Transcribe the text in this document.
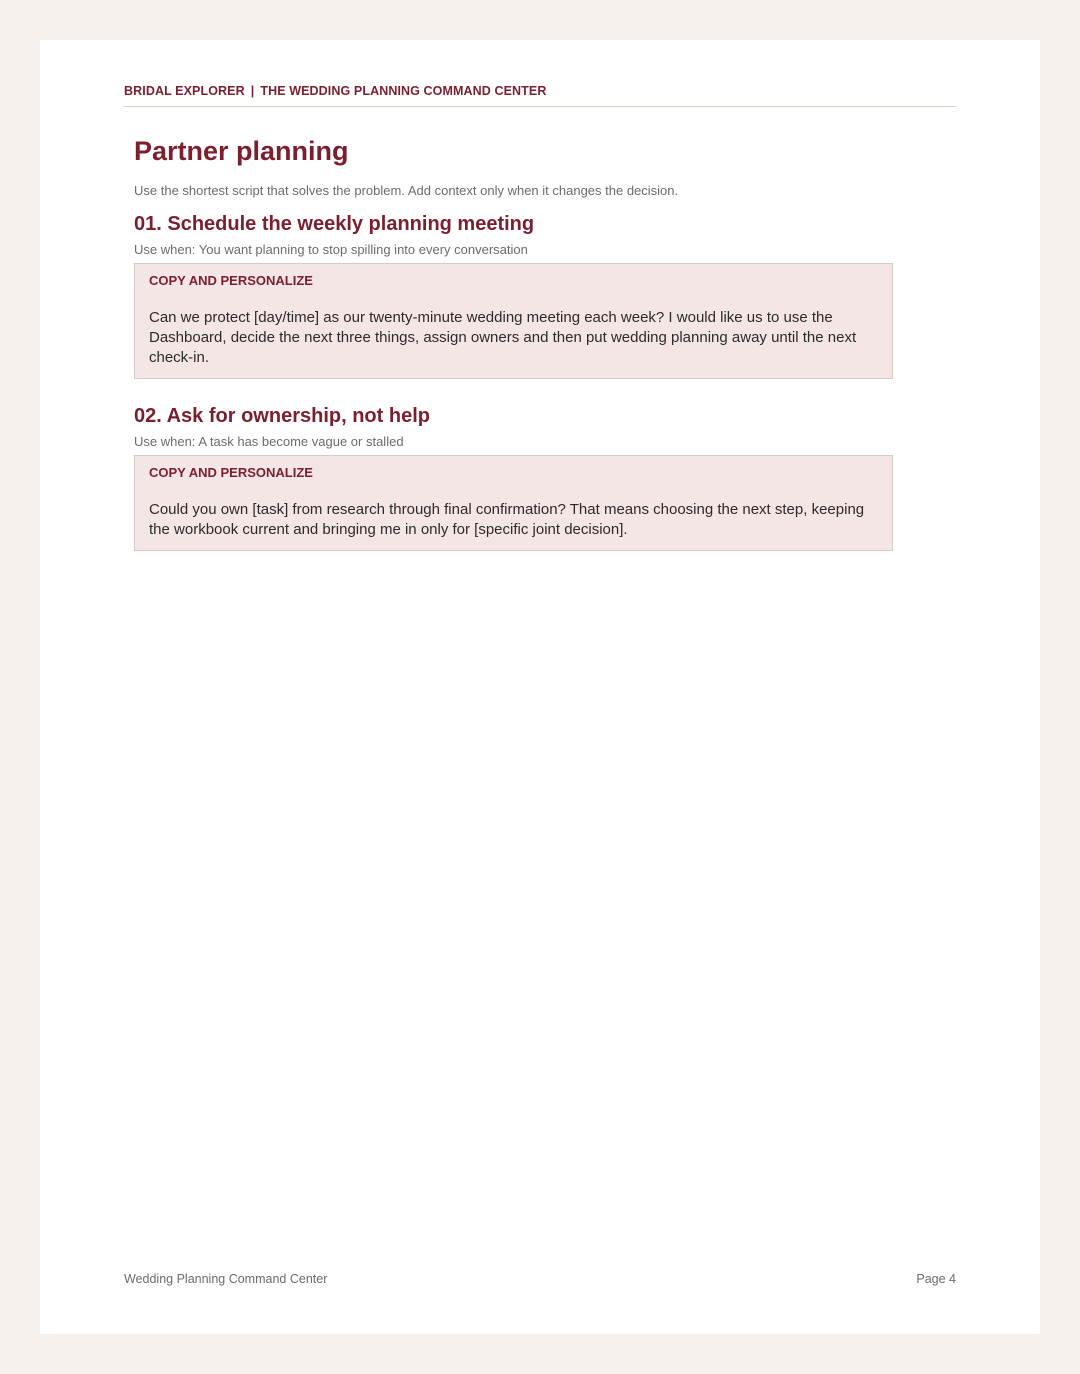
BRIDAL EXPLORER | THE WEDDING PLANNING COMMAND CENTER
Partner planning
Use the shortest script that solves the problem. Add context only when it changes the decision.
01. Schedule the weekly planning meeting
Use when: You want planning to stop spilling into every conversation
COPY AND PERSONALIZE
Can we protect [day/time] as our twenty-minute wedding meeting each week? I would like us to use the Dashboard, decide the next three things, assign owners and then put wedding planning away until the next check-in.
02. Ask for ownership, not help
Use when: A task has become vague or stalled
COPY AND PERSONALIZE
Could you own [task] from research through final confirmation? That means choosing the next step, keeping the workbook current and bringing me in only for [specific joint decision].
Wedding Planning Command Center	Page 4
